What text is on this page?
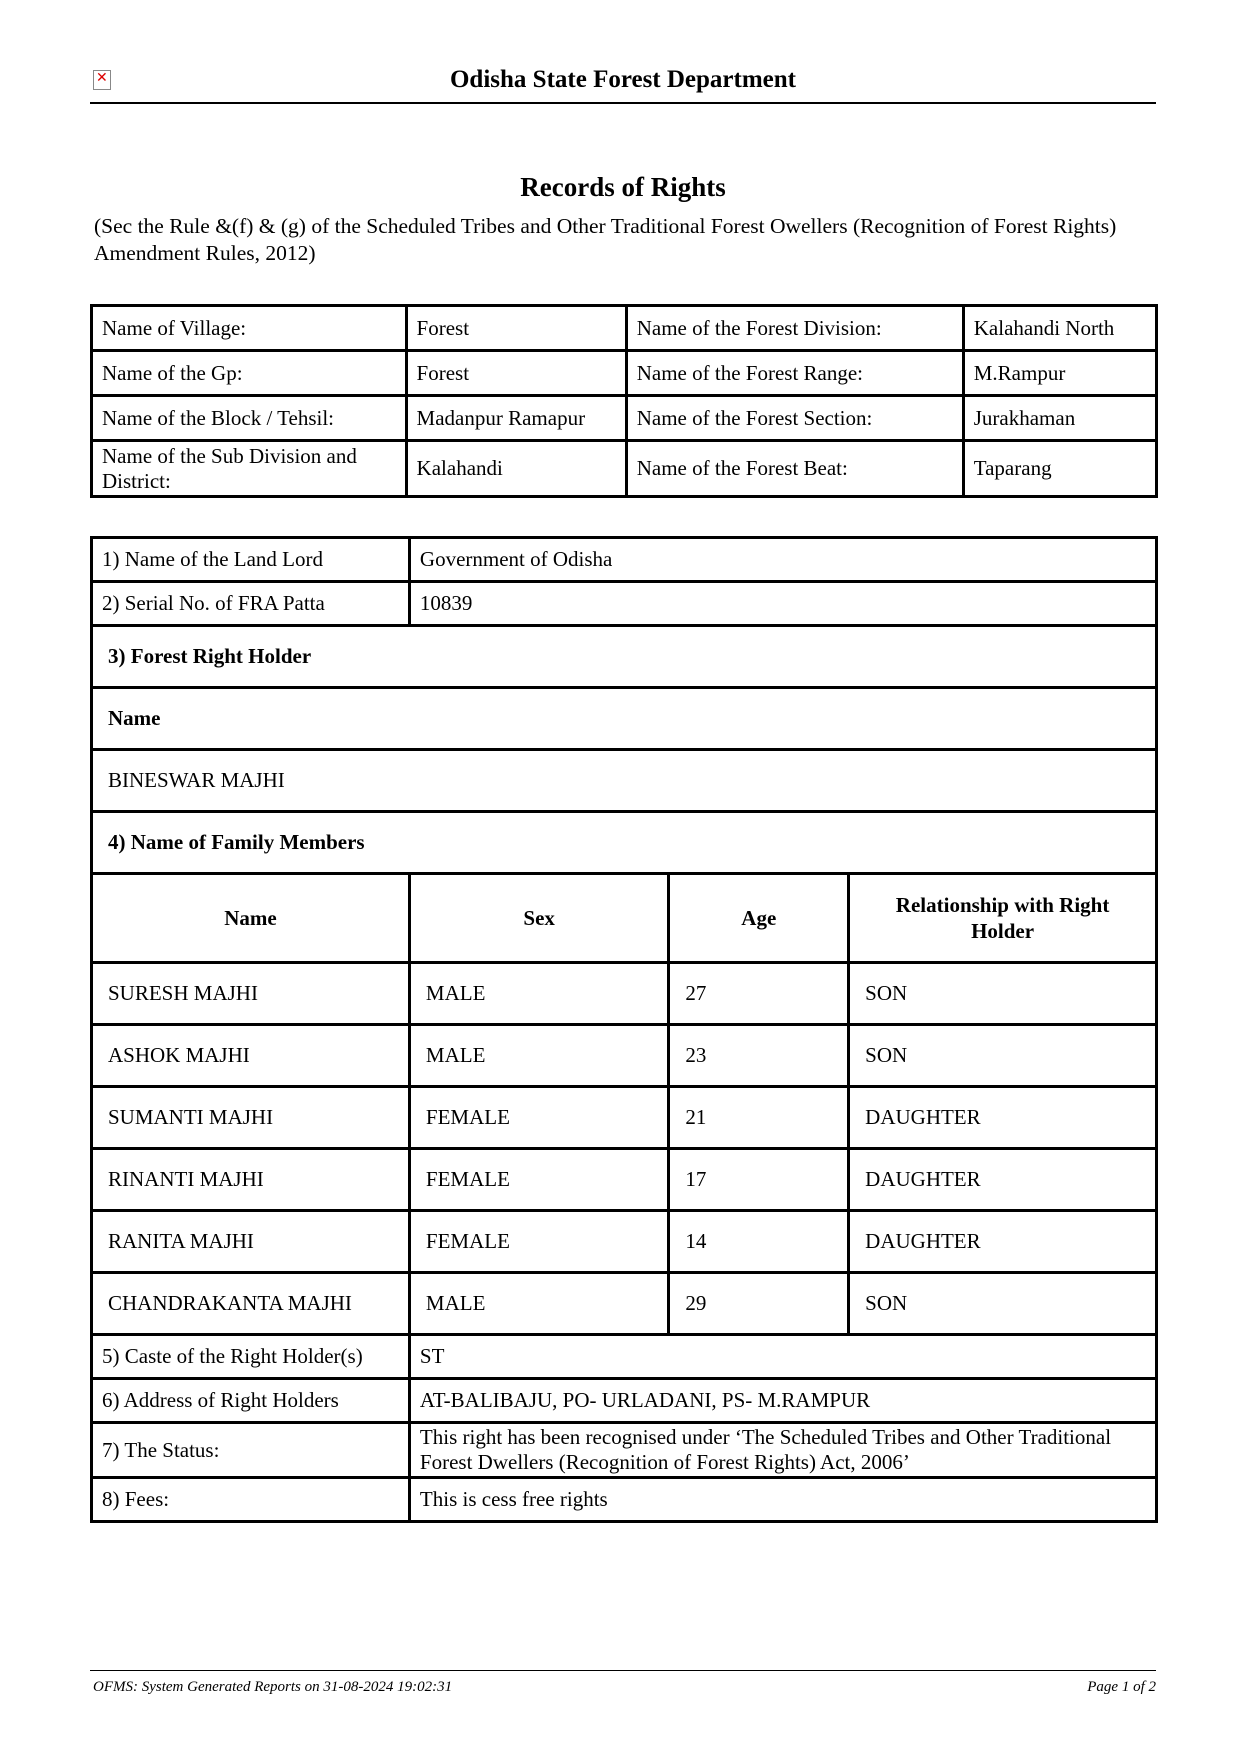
✕
Odisha State Forest Department
Records of Rights
(Sec the Rule &(f) & (g) of the Scheduled Tribes and Other Traditional Forest Owellers (Recognition of Forest Rights) Amendment Rules, 2012)
Name of Village:	Forest	Name of the Forest Division:	Kalahandi North
Name of the Gp:	Forest	Name of the Forest Range:	M.Rampur
Name of the Block / Tehsil:	Madanpur Ramapur	Name of the Forest Section:	Jurakhaman
Name of the Sub Division and District:	Kalahandi	Name of the Forest Beat:	Taparang
1) Name of the Land Lord	Government of Odisha		
2) Serial No. of FRA Patta	10839		
3) Forest Right Holder			
Name			
BINESWAR MAJHI			
4) Name of Family Members			
Name	Sex	Age	Relationship with Right Holder
SURESH MAJHI	MALE	27	SON
ASHOK MAJHI	MALE	23	SON
SUMANTI MAJHI	FEMALE	21	DAUGHTER
RINANTI MAJHI	FEMALE	17	DAUGHTER
RANITA MAJHI	FEMALE	14	DAUGHTER
CHANDRAKANTA MAJHI	MALE	29	SON
5) Caste of the Right Holder(s)	ST		
6) Address of Right Holders	AT-BALIBAJU, PO- URLADANI, PS- M.RAMPUR		
7) The Status:	This right has been recognised under ‘The Scheduled Tribes and Other Traditional
Forest Dwellers (Recognition of Forest Rights) Act, 2006’		

8) Fees:	This is cess free rights		
OFMS: System Generated Reports on 31-08-2024 19:02:31	Page 1 of 2
